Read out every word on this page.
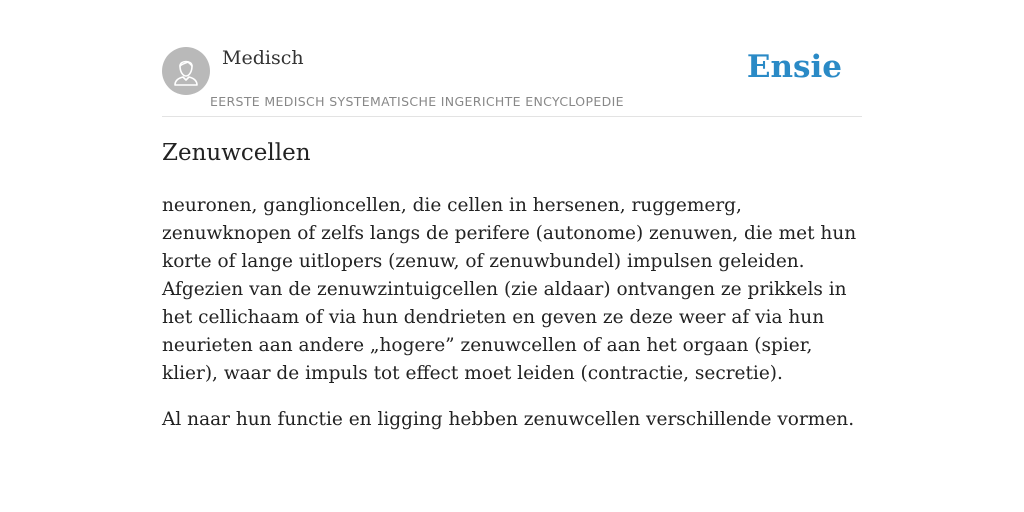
Medisch
EERSTE MEDISCH SYSTEMATISCHE INGERICHTE ENCYCLOPEDIE
Ensie
Zenuwcellen

neuronen, ganglioncellen, die cellen in hersenen, ruggemerg, zenuwknopen of zelfs langs de perifere (autonome) zenuwen, die met hun korte of lange uitlopers (zenuw, of zenuwbundel) impulsen geleiden. Afgezien van de zenuwzintuigcellen (zie aldaar) ontvangen ze prikkels in het cellichaam of via hun dendrieten en geven ze deze weer af via hun neurieten aan andere „hogere” zenuwcellen of aan het orgaan (spier, klier), waar de impuls tot effect moet leiden (contractie, secretie).

Al naar hun functie en ligging hebben zenuwcellen verschillende vormen.
